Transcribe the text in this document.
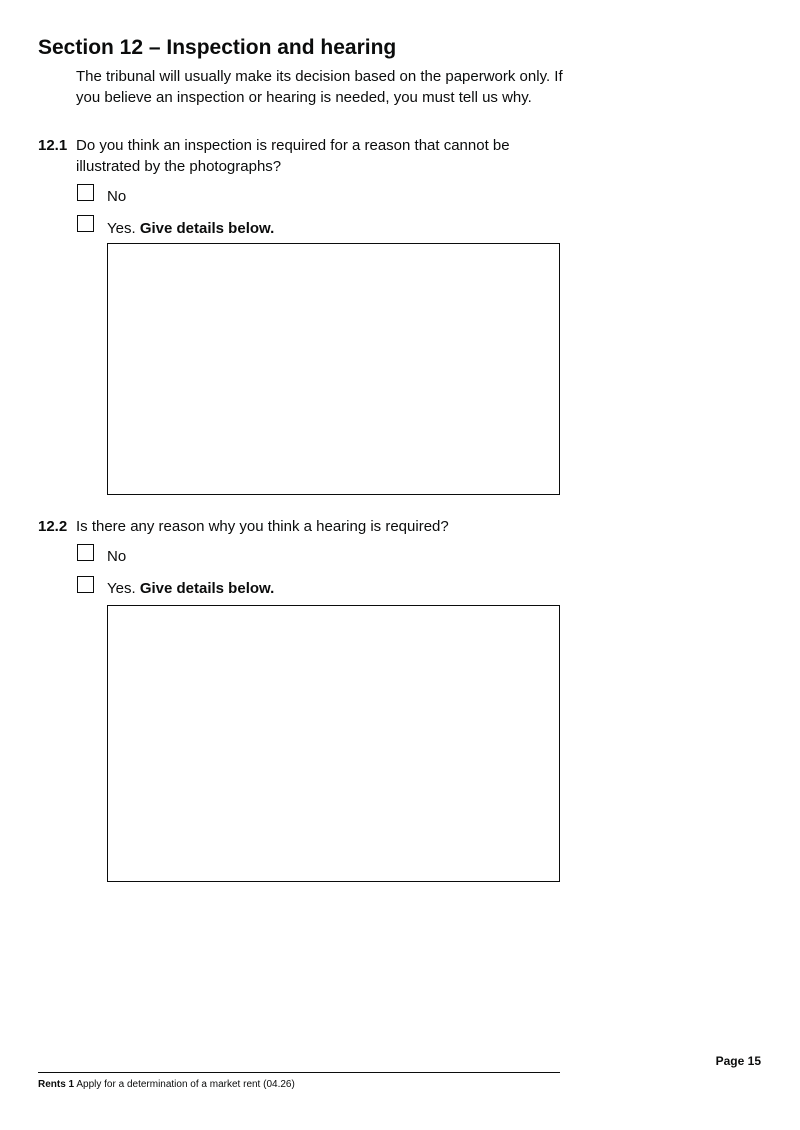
Section 12 – Inspection and hearing

The tribunal will usually make its decision based on the paperwork only. If you believe an inspection or hearing is needed, you must tell us why.

12.1 Do you think an inspection is required for a reason that cannot be illustrated by the photographs?
No
Yes. Give details below.
12.2 Is there any reason why you think a hearing is required?
No
Yes. Give details below.
Page 15
Rents 1 Apply for a determination of a market rent (04.26)
